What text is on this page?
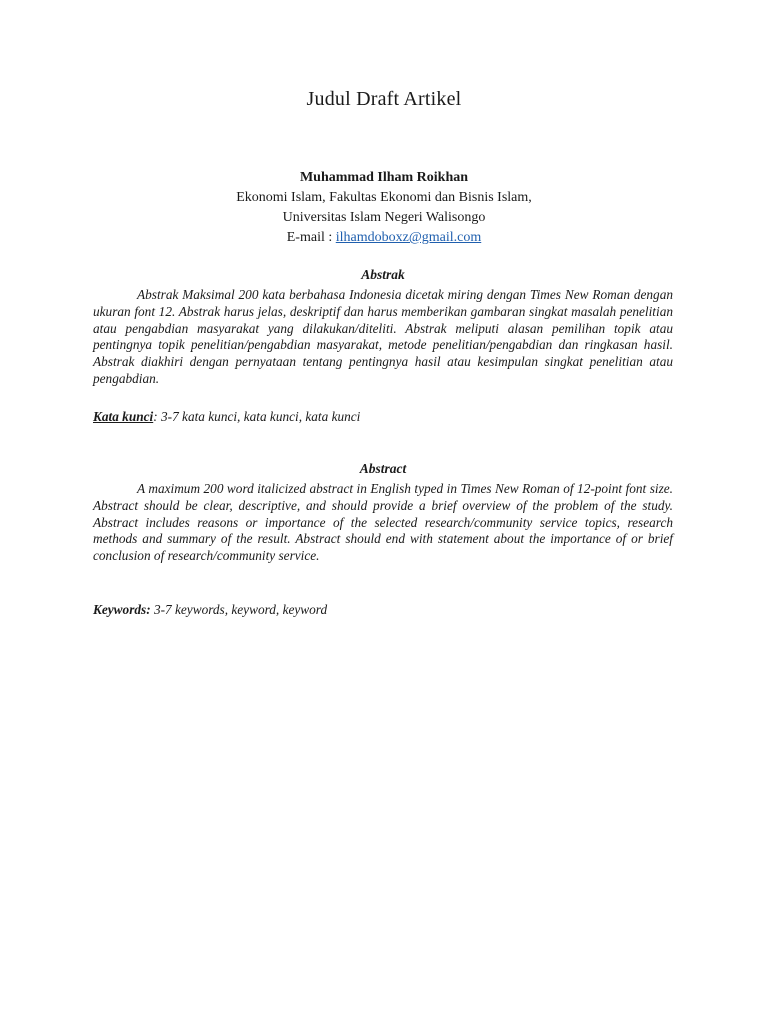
Judul Draft Artikel
Muhammad Ilham Roikhan
Ekonomi Islam, Fakultas Ekonomi dan Bisnis Islam,
Universitas Islam Negeri Walisongo
E-mail : ilhamdoboxz@gmail.com
Abstrak
Abstrak Maksimal 200 kata berbahasa Indonesia dicetak miring dengan Times New Roman dengan ukuran font 12. Abstrak harus jelas, deskriptif dan harus memberikan gambaran singkat masalah penelitian atau pengabdian masyarakat yang dilakukan/diteliti. Abstrak meliputi alasan pemilihan topik atau pentingnya topik penelitian/pengabdian masyarakat, metode penelitian/pengabdian dan ringkasan hasil. Abstrak diakhiri dengan pernyataan tentang pentingnya hasil atau kesimpulan singkat penelitian atau pengabdian.
Kata kunci: 3-7 kata kunci, kata kunci, kata kunci
Abstract
A maximum 200 word italicized abstract in English typed in Times New Roman of 12-point font size. Abstract should be clear, descriptive, and should provide a brief overview of the problem of the study. Abstract includes reasons or importance of the selected research/community service topics, research methods and summary of the result. Abstract should end with statement about the importance of or brief conclusion of research/community service.
Keywords: 3-7 keywords, keyword, keyword
